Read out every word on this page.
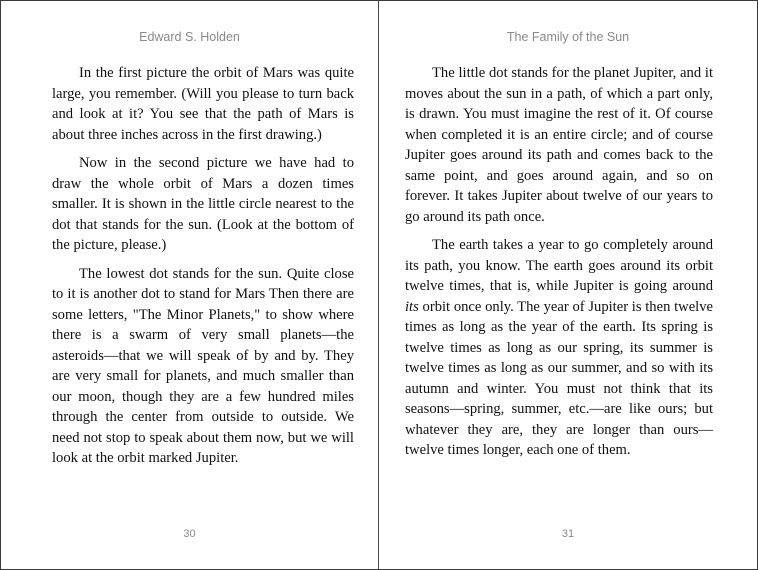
Edward S. Holden

In the first picture the orbit of Mars was quite large, you remember. (Will you please to turn back and look at it? You see that the path of Mars is about three inches across in the first drawing.)

Now in the second picture we have had to draw the whole orbit of Mars a dozen times smaller. It is shown in the little circle nearest to the dot that stands for the sun. (Look at the bottom of the picture, please.)

The lowest dot stands for the sun. Quite close to it is another dot to stand for Mars Then there are some letters, "The Minor Planets," to show where there is a swarm of very small planets—the asteroids—that we will speak of by and by. They are very small for planets, and much smaller than our moon, though they are a few hundred miles through the center from outside to outside. We need not stop to speak about them now, but we will look at the orbit marked Jupiter.

30
The Family of the Sun

The little dot stands for the planet Jupiter, and it moves about the sun in a path, of which a part only, is drawn. You must imagine the rest of it. Of course when completed it is an entire circle; and of course Jupiter goes around its path and comes back to the same point, and goes around again, and so on forever. It takes Jupiter about twelve of our years to go around its path once.

The earth takes a year to go completely around its path, you know. The earth goes around its orbit twelve times, that is, while Jupiter is going around its orbit once only. The year of Jupiter is then twelve times as long as the year of the earth. Its spring is twelve times as long as our spring, its summer is twelve times as long as our summer, and so with its autumn and winter. You must not think that its seasons—spring, summer, etc.—are like ours; but whatever they are, they are longer than ours—twelve times longer, each one of them.

31
